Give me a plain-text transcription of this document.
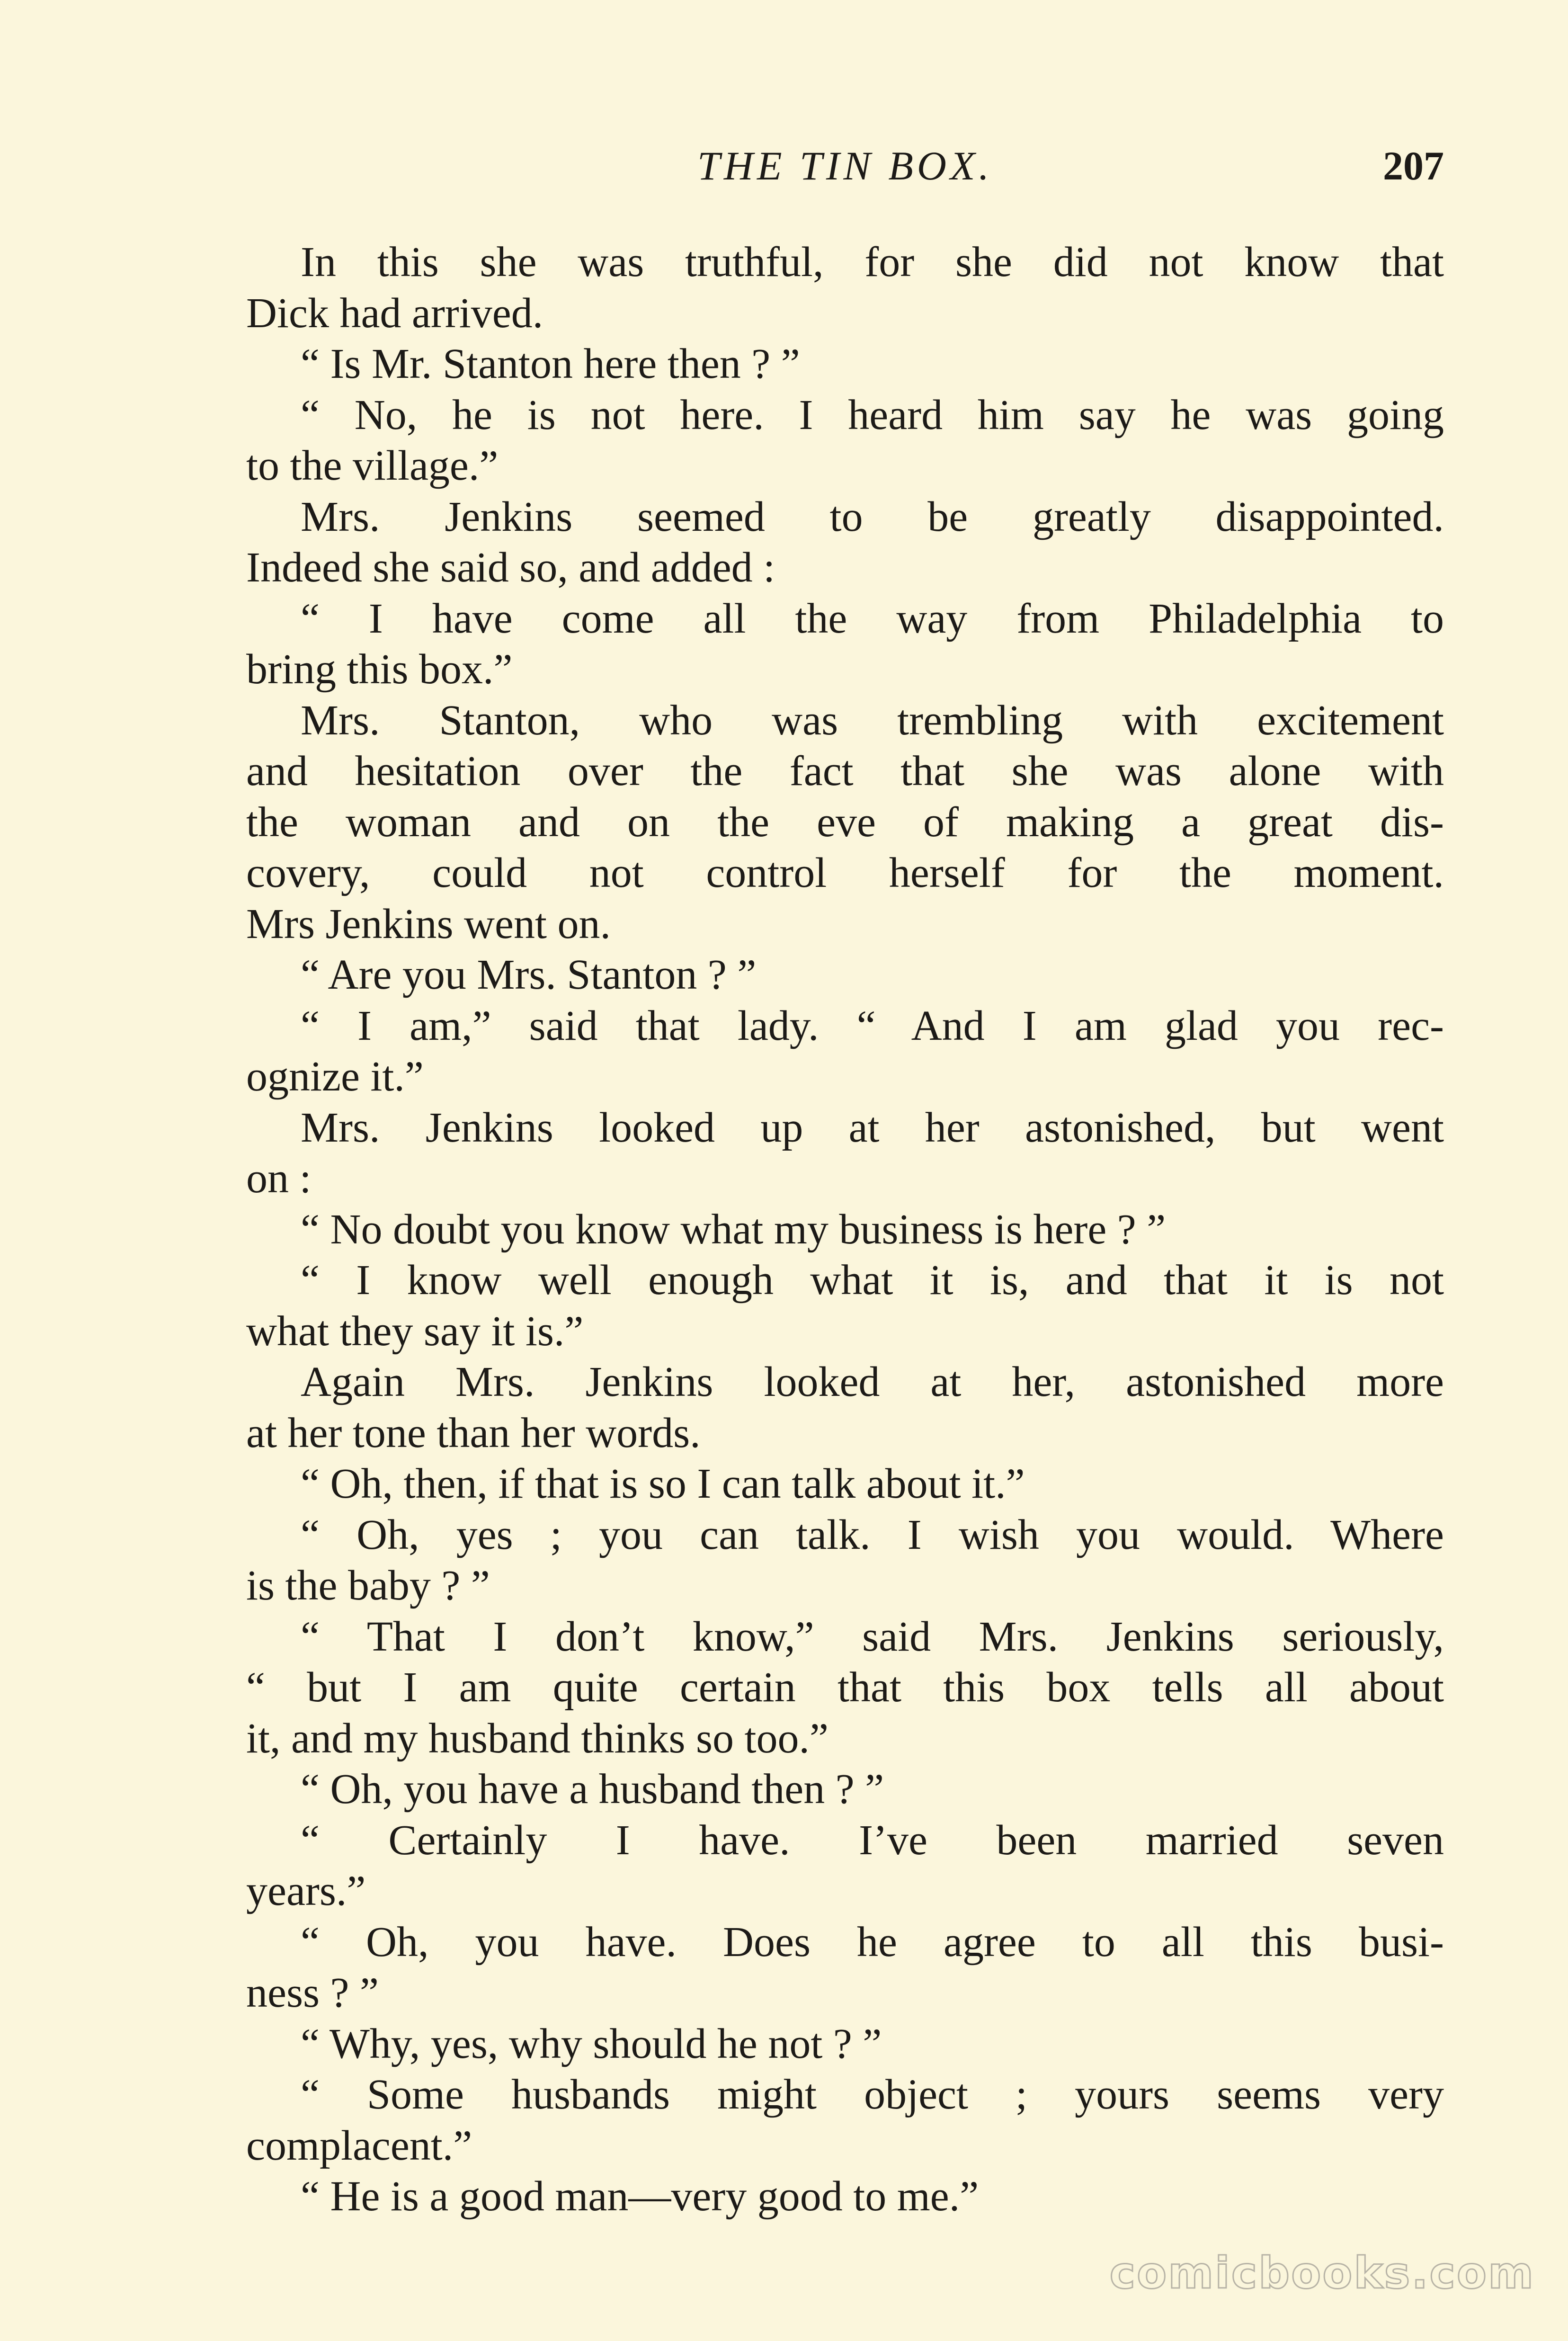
THE TIN BOX.	207
In this she was truthful, for she did not know that
Dick had arrived.
“ Is Mr. Stanton here then ? ”
“ No, he is not here. I heard him say he was going
to the village.”
Mrs. Jenkins seemed to be greatly disappointed.
Indeed she said so, and added :
“ I have come all the way from Philadelphia to
bring this box.”
Mrs. Stanton, who was trembling with excitement
and hesitation over the fact that she was alone with
the woman and on the eve of making a great dis-
covery, could not control herself for the moment.
Mrs Jenkins went on.
“ Are you Mrs. Stanton ? ”
“ I am,” said that lady. “ And I am glad you rec-
ognize it.”
Mrs. Jenkins looked up at her astonished, but went
on :
“ No doubt you know what my business is here ? ”
“ I know well enough what it is, and that it is not
what they say it is.”
Again Mrs. Jenkins looked at her, astonished more
at her tone than her words.
“ Oh, then, if that is so I can talk about it.”
“ Oh, yes ; you can talk. I wish you would. Where
is the baby ? ”
“ That I don’t know,” said Mrs. Jenkins seriously,
“ but I am quite certain that this box tells all about
it, and my husband thinks so too.”
“ Oh, you have a husband then ? ”
“ Certainly I have. I’ve been married seven
years.”
“ Oh, you have. Does he agree to all this busi-
ness ? ”
“ Why, yes, why should he not ? ”
“ Some husbands might object ; yours seems very
complacent.”
“ He is a good man—very good to me.”
comicbooks.com
